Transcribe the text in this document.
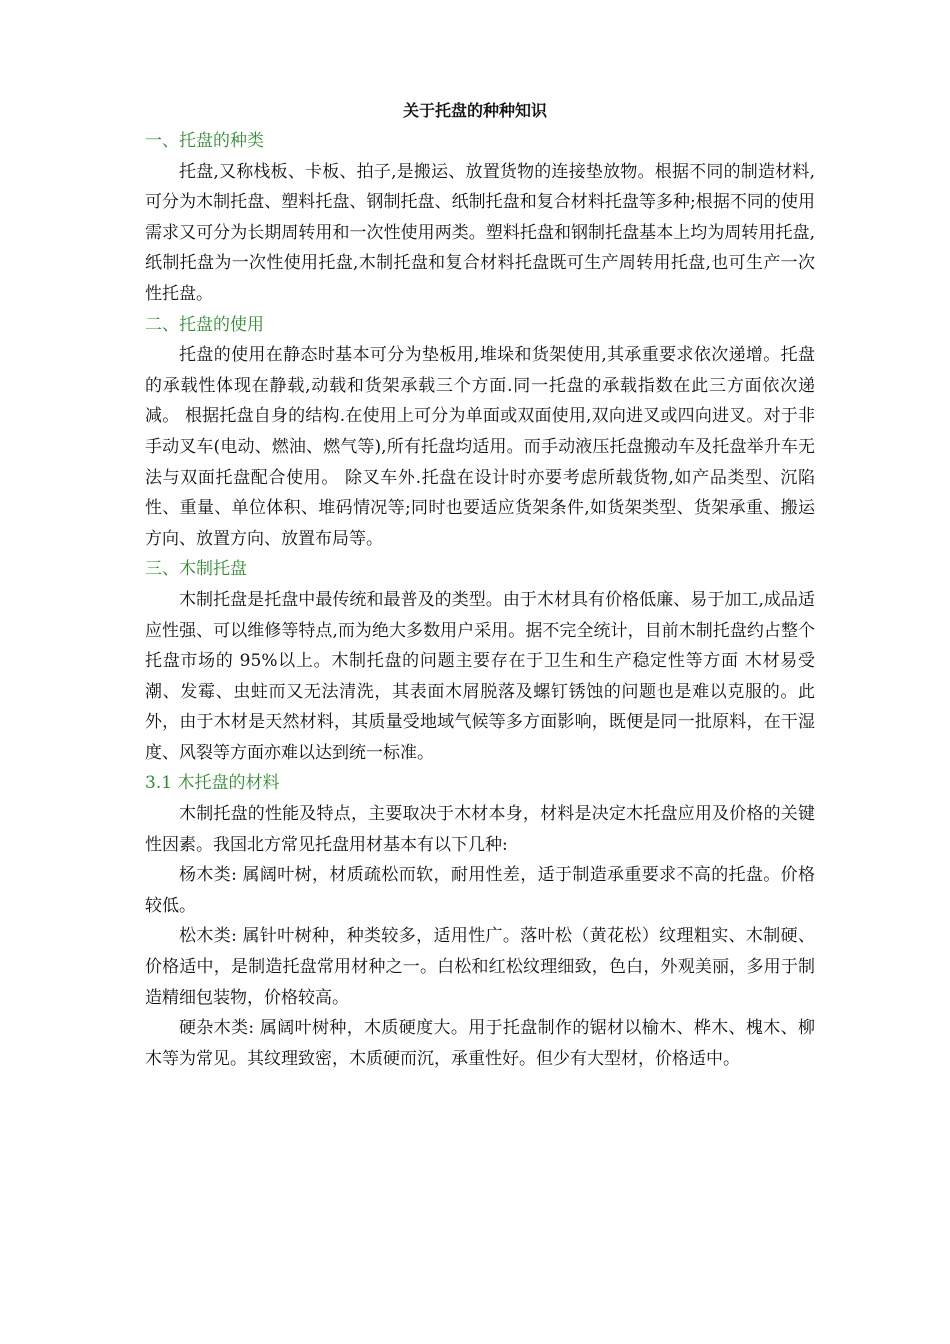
关于托盘的种种知识

一、托盘的种类

托盘,又称栈板、卡板、拍子,是搬运、放置货物的连接垫放物。根据不同的制造材料,可分为木制托盘、塑料托盘、钢制托盘、纸制托盘和复合材料托盘等多种;根据不同的使用需求又可分为长期周转用和一次性使用两类。塑料托盘和钢制托盘基本上均为周转用托盘,纸制托盘为一次性使用托盘,木制托盘和复合材料托盘既可生产周转用托盘,也可生产一次性托盘。

二、托盘的使用

托盘的使用在静态时基本可分为垫板用,堆垛和货架使用,其承重要求依次递增。托盘的承载性体现在静载,动载和货架承载三个方面.同一托盘的承载指数在此三方面依次递减。 根据托盘自身的结构.在使用上可分为单面或双面使用,双向进叉或四向进叉。对于非手动叉车(电动、燃油、燃气等),所有托盘均适用。而手动液压托盘搬动车及托盘举升车无法与双面托盘配合使用。 除叉车外.托盘在设计时亦要考虑所载货物,如产品类型、沉陷性、重量、单位体积、堆码情况等;同时也要适应货架条件,如货架类型、货架承重、搬运方向、放置方向、放置布局等。

三、木制托盘

木制托盘是托盘中最传统和最普及的类型。由于木材具有价格低廉、易于加工,成品适应性强、可以维修等特点,而为绝大多数用户采用。据不完全统计，目前木制托盘约占整个托盘市场的 95%以上。木制托盘的问题主要存在于卫生和生产稳定性等方面 木材易受潮、发霉、虫蛀而又无法清洗，其表面木屑脱落及螺钉锈蚀的问题也是难以克服的。此外，由于木材是天然材料，其质量受地域气候等多方面影响，既便是同一批原料，在干湿度、风裂等方面亦难以达到统一标准。

3.1 木托盘的材料

木制托盘的性能及特点，主要取决于木材本身，材料是决定木托盘应用及价格的关键性因素。我国北方常见托盘用材基本有以下几种:

杨木类: 属阔叶树，材质疏松而软，耐用性差，适于制造承重要求不高的托盘。价格较低。

松木类: 属针叶树种，种类较多，适用性广。落叶松（黄花松）纹理粗实、木制硬、价格适中，是制造托盘常用材种之一。白松和红松纹理细致，色白，外观美丽，多用于制造精细包装物，价格较高。

硬杂木类: 属阔叶树种，木质硬度大。用于托盘制作的锯材以榆木、桦木、槐木、柳木等为常见。其纹理致密，木质硬而沉，承重性好。但少有大型材，价格适中。
